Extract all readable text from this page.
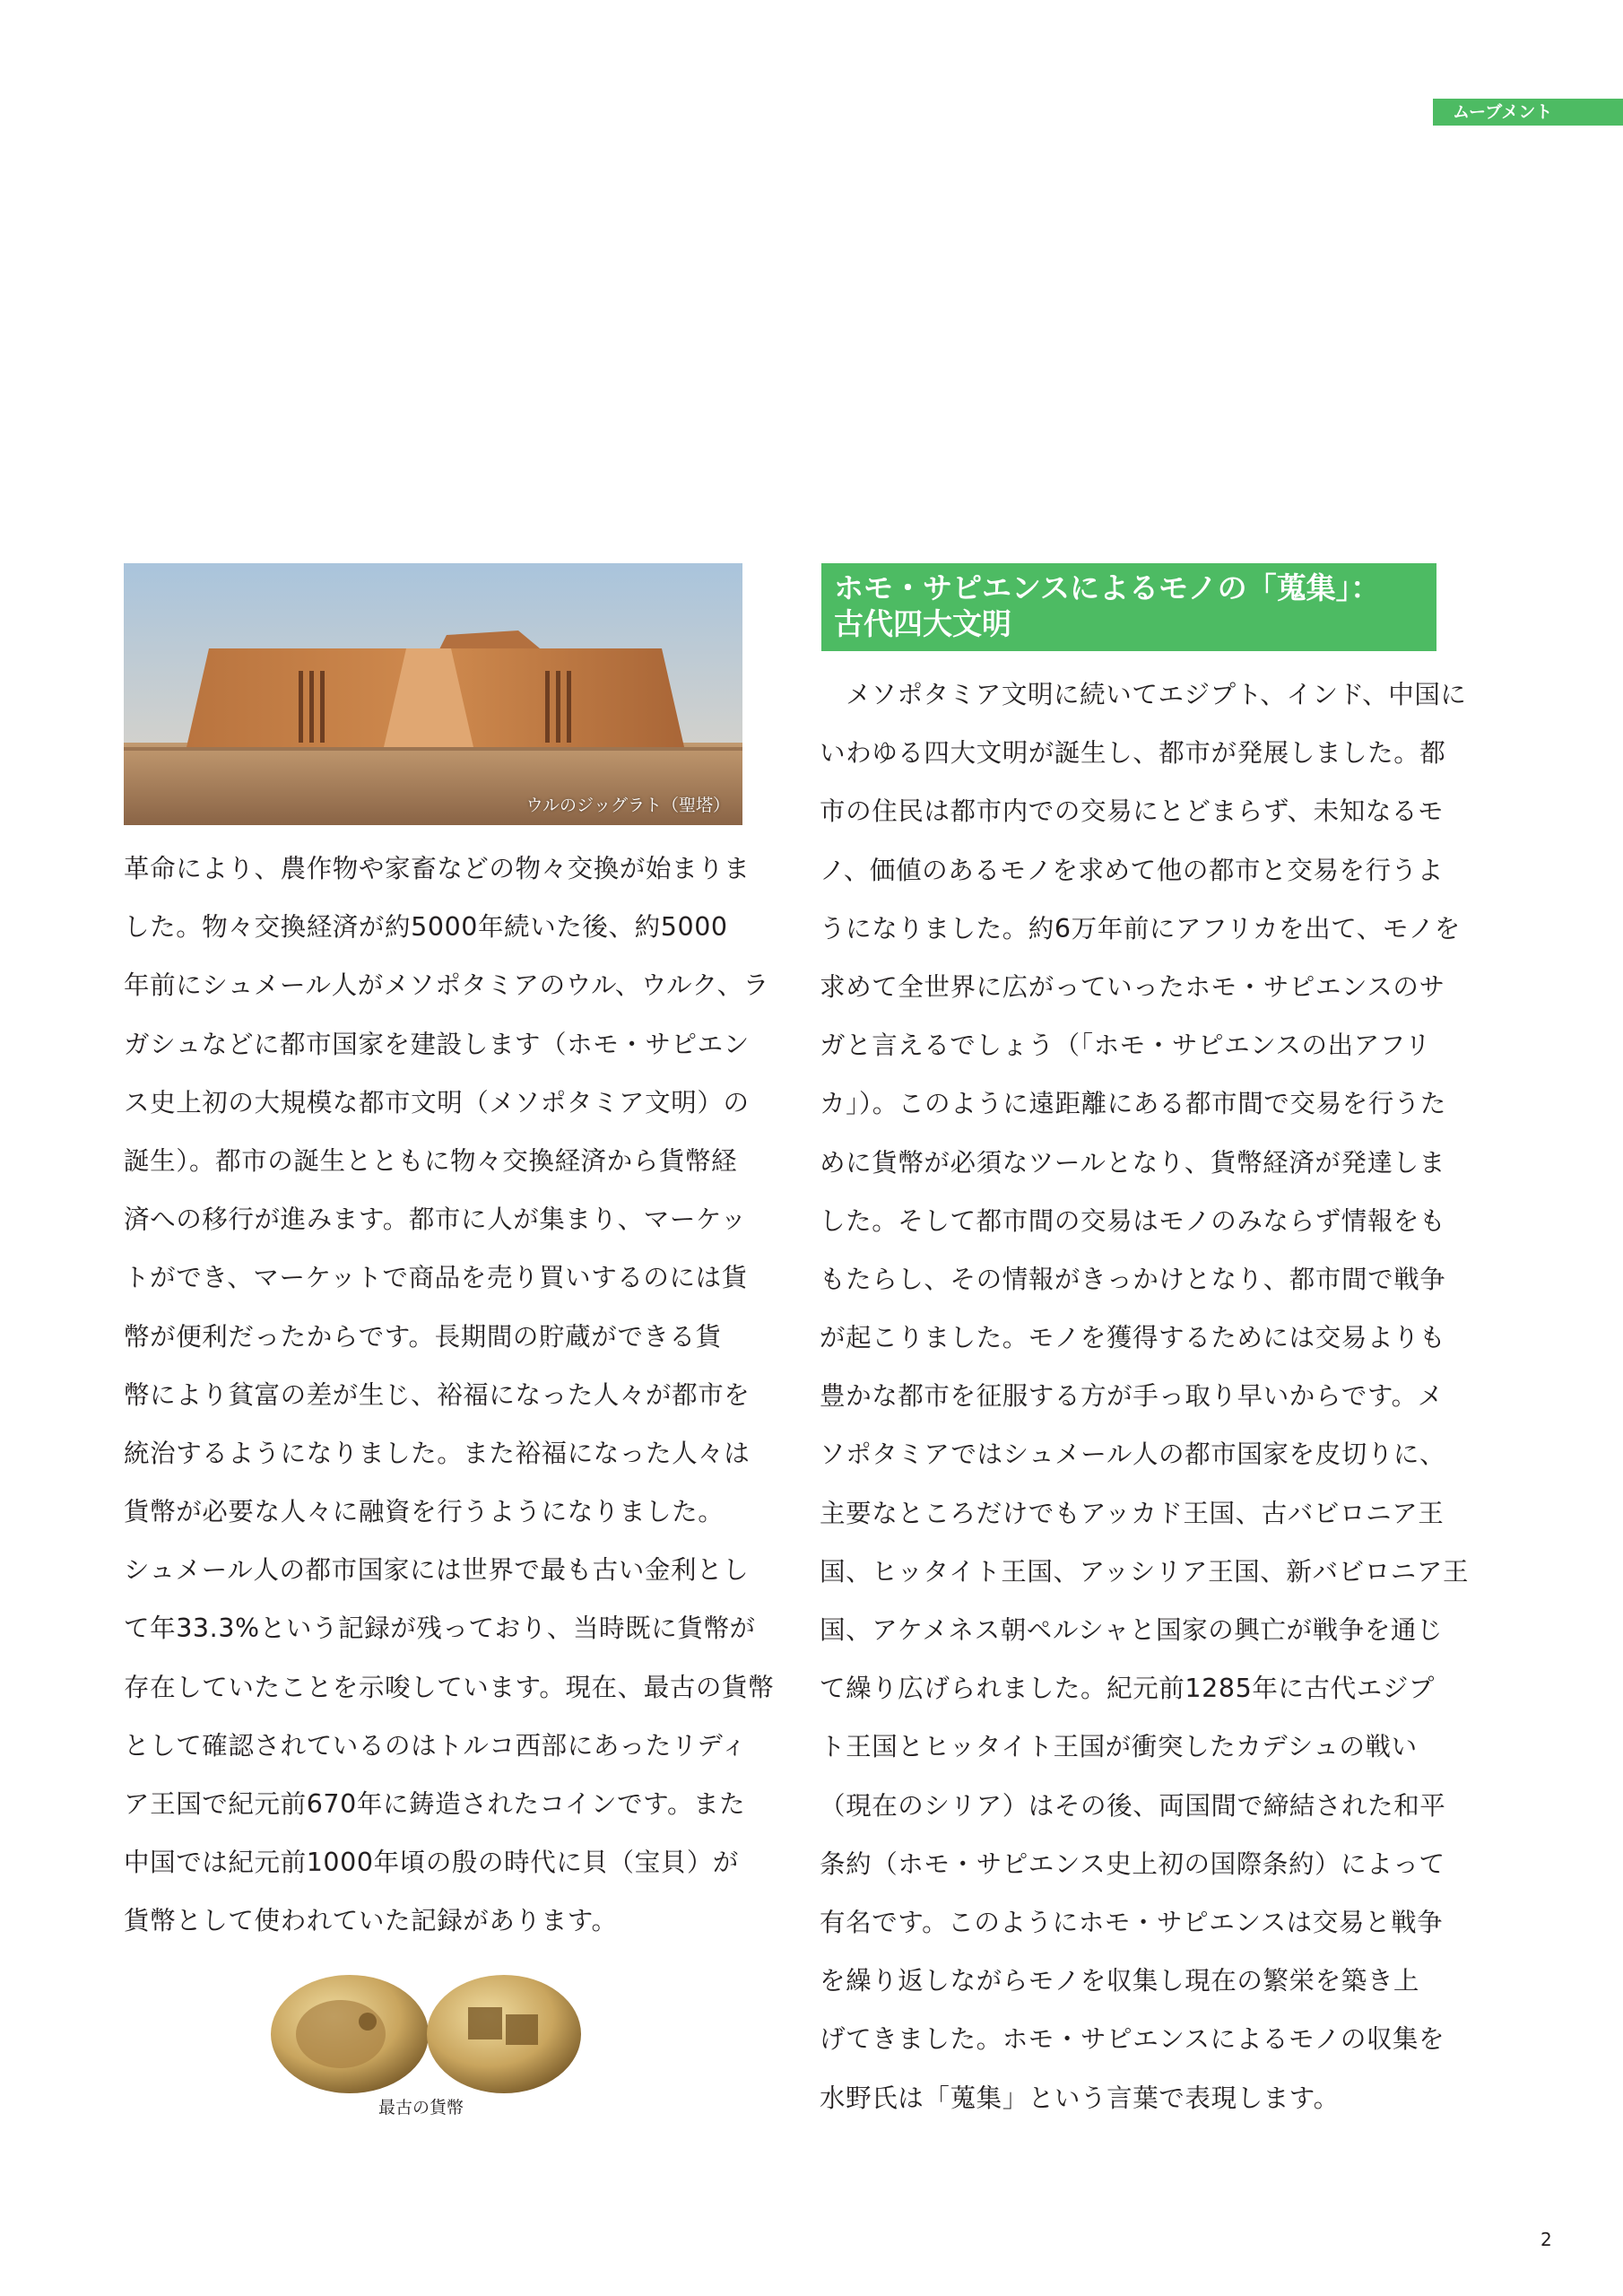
ムーブメント
ウルのジッグラト（聖塔）
ホモ・サピエンスによるモノの「蒐集」：
古代四大文明
革命により、農作物や家畜などの物々交換が始まりま
した。物々交換経済が約5000年続いた後、約5000
年前にシュメール人がメソポタミアのウル、ウルク、ラ
ガシュなどに都市国家を建設します（ホモ・サピエン
ス史上初の大規模な都市文明（メソポタミア文明）の
誕生）。都市の誕生とともに物々交換経済から貨幣経
済への移行が進みます。都市に人が集まり、マーケッ
トができ、マーケットで商品を売り買いするのには貨
幣が便利だったからです。長期間の貯蔵ができる貨
幣により貧富の差が生じ、裕福になった人々が都市を
統治するようになりました。また裕福になった人々は
貨幣が必要な人々に融資を行うようになりました。
シュメール人の都市国家には世界で最も古い金利とし
て年33.3%という記録が残っており、当時既に貨幣が
存在していたことを示唆しています。現在、最古の貨幣
として確認されているのはトルコ西部にあったリディ
ア王国で紀元前670年に鋳造されたコインです。また
中国では紀元前1000年頃の殷の時代に貝（宝貝）が
貨幣として使われていた記録があります。
　メソポタミア文明に続いてエジプト、インド、中国に
いわゆる四大文明が誕生し、都市が発展しました。都
市の住民は都市内での交易にとどまらず、未知なるモ
ノ、価値のあるモノを求めて他の都市と交易を行うよ
うになりました。約6万年前にアフリカを出て、モノを
求めて全世界に広がっていったホモ・サピエンスのサ
ガと言えるでしょう（「ホモ・サピエンスの出アフリ
カ」）。このように遠距離にある都市間で交易を行うた
めに貨幣が必須なツールとなり、貨幣経済が発達しま
した。そして都市間の交易はモノのみならず情報をも
もたらし、その情報がきっかけとなり、都市間で戦争
が起こりました。モノを獲得するためには交易よりも
豊かな都市を征服する方が手っ取り早いからです。メ
ソポタミアではシュメール人の都市国家を皮切りに、
主要なところだけでもアッカド王国、古バビロニア王
国、ヒッタイト王国、アッシリア王国、新バビロニア王
国、アケメネス朝ペルシャと国家の興亡が戦争を通じ
て繰り広げられました。紀元前1285年に古代エジプ
ト王国とヒッタイト王国が衝突したカデシュの戦い
（現在のシリア）はその後、両国間で締結された和平
条約（ホモ・サピエンス史上初の国際条約）によって
有名です。このようにホモ・サピエンスは交易と戦争
を繰り返しながらモノを収集し現在の繁栄を築き上
げてきました。ホモ・サピエンスによるモノの収集を
水野氏は「蒐集」という言葉で表現します。
最古の貨幣
2
